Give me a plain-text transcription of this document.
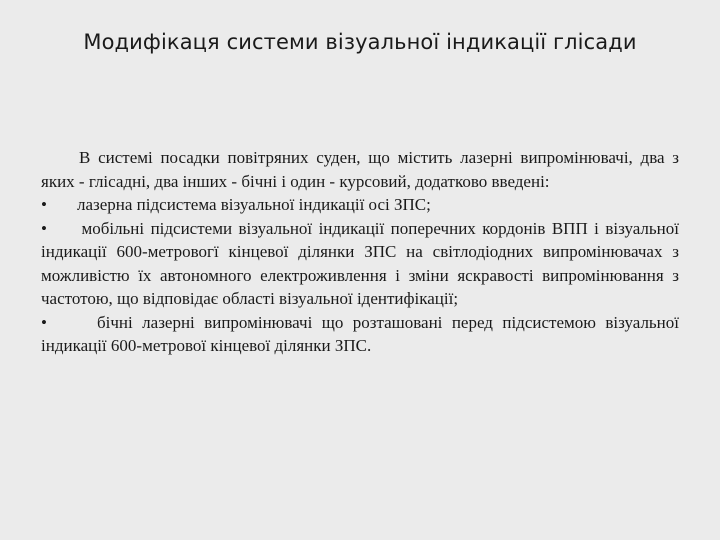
Модифікаця системи візуальної індикації глісади

В системі посадки повітряних суден, що містить лазерні випромінювачі, два з яких - глісадні, два інших - бічні і один - курсовий, додатково введені:

• лазерна підсистема візуальної індикації осі ЗПС;

• мобільні підсистеми візуальної індикації поперечних кордонів ВПП і візуальної індикації 600-метровогї кінцевої ділянки ЗПС на світлодіодних випромінювачах з можливістю їх автономного електроживлення і зміни яскравості випромінювання з частотою, що відповідає області візуальної ідентифікації;

•	бічні лазерні випромінювачі що розташовані перед підсистемою візуальної індикації 600-метрової кінцевої ділянки ЗПС.
